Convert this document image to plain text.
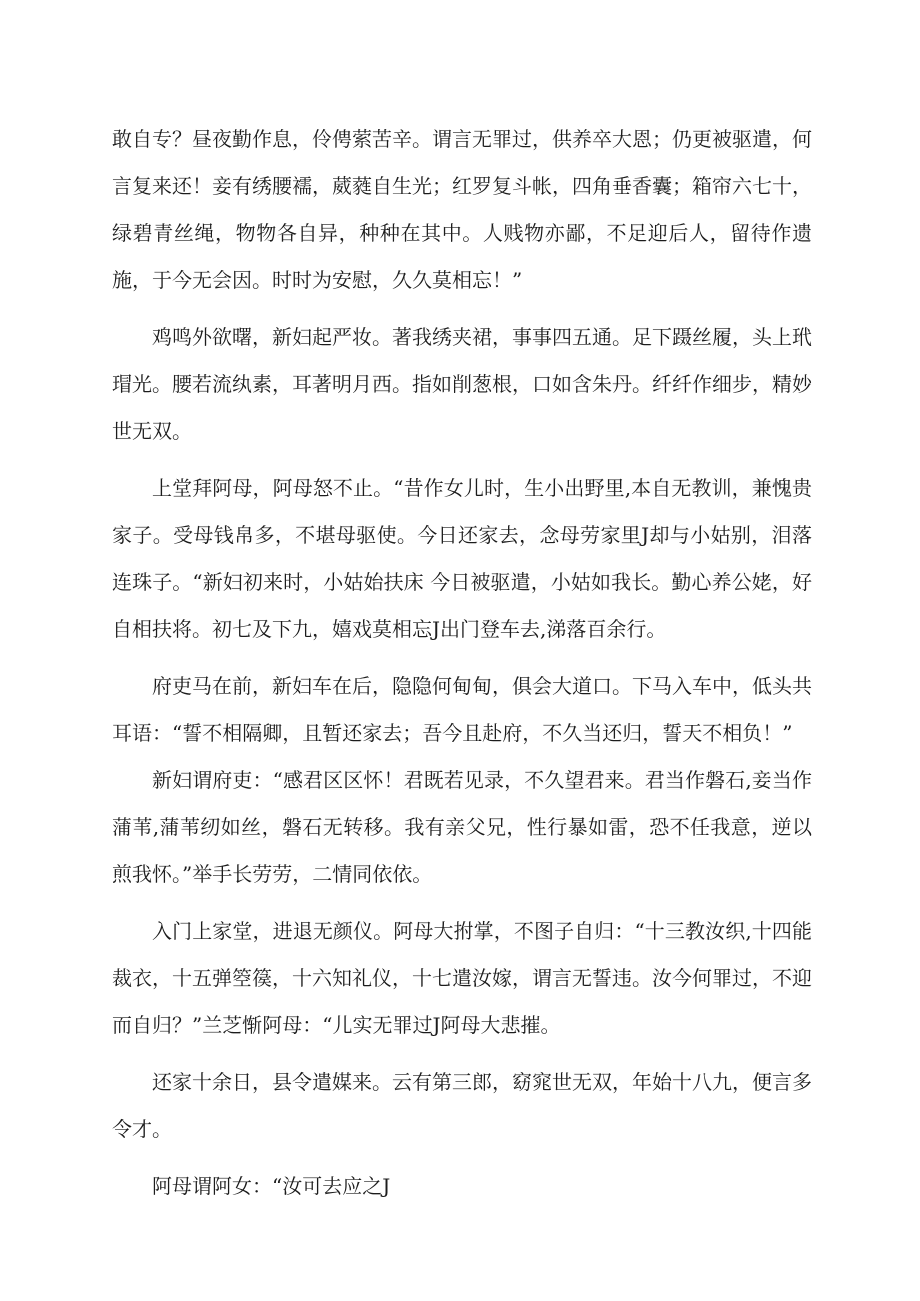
敢自专？昼夜勤作息，伶俜萦苦辛。谓言无罪过，供养卒大恩；仍更被驱遣，何言复来还！妾有绣腰襦，葳蕤自生光；红罗复斗帐，四角垂香囊；箱帘六七十，绿碧青丝绳，物物各自异，种种在其中。人贱物亦鄙，不足迎后人，留待作遗施，于今无会因。时时为安慰，久久莫相忘！”

鸡鸣外欲曙，新妇起严妆。著我绣夹裙，事事四五通。足下蹑丝履，头上玳瑁光。腰若流纨素，耳著明月西。指如削葱根，口如含朱丹。纤纤作细步，精妙世无双。

上堂拜阿母，阿母怒不止。“昔作女儿时，生小出野里,本自无教训，兼愧贵家子。受母钱帛多，不堪母驱使。今日还家去，念母劳家里J却与小姑别，泪落连珠子。“新妇初来时，小姑始扶床 今日被驱遣，小姑如我长。勤心养公姥，好自相扶将。初七及下九，嬉戏莫相忘J出门登车去,涕落百余行。

府吏马在前，新妇车在后，隐隐何甸甸，俱会大道口。下马入车中，低头共耳语：“誓不相隔卿，且暂还家去；吾今且赴府，不久当还归，誓天不相负！”

新妇谓府吏：“感君区区怀！君既若见录，不久望君来。君当作磐石,妾当作蒲苇,蒲苇纫如丝，磐石无转移。我有亲父兄，性行暴如雷，恐不任我意，逆以煎我怀。”举手长劳劳，二情同依依。

入门上家堂，进退无颜仪。阿母大拊掌，不图子自归：“十三教汝织,十四能裁衣，十五弹箜篌，十六知礼仪，十七遣汝嫁，谓言无誓违。汝今何罪过，不迎而自归？”兰芝惭阿母：“儿实无罪过J阿母大悲摧。

还家十余日，县令遣媒来。云有第三郎，窈窕世无双，年始十八九，便言多令才。

阿母谓阿女：“汝可去应之J
